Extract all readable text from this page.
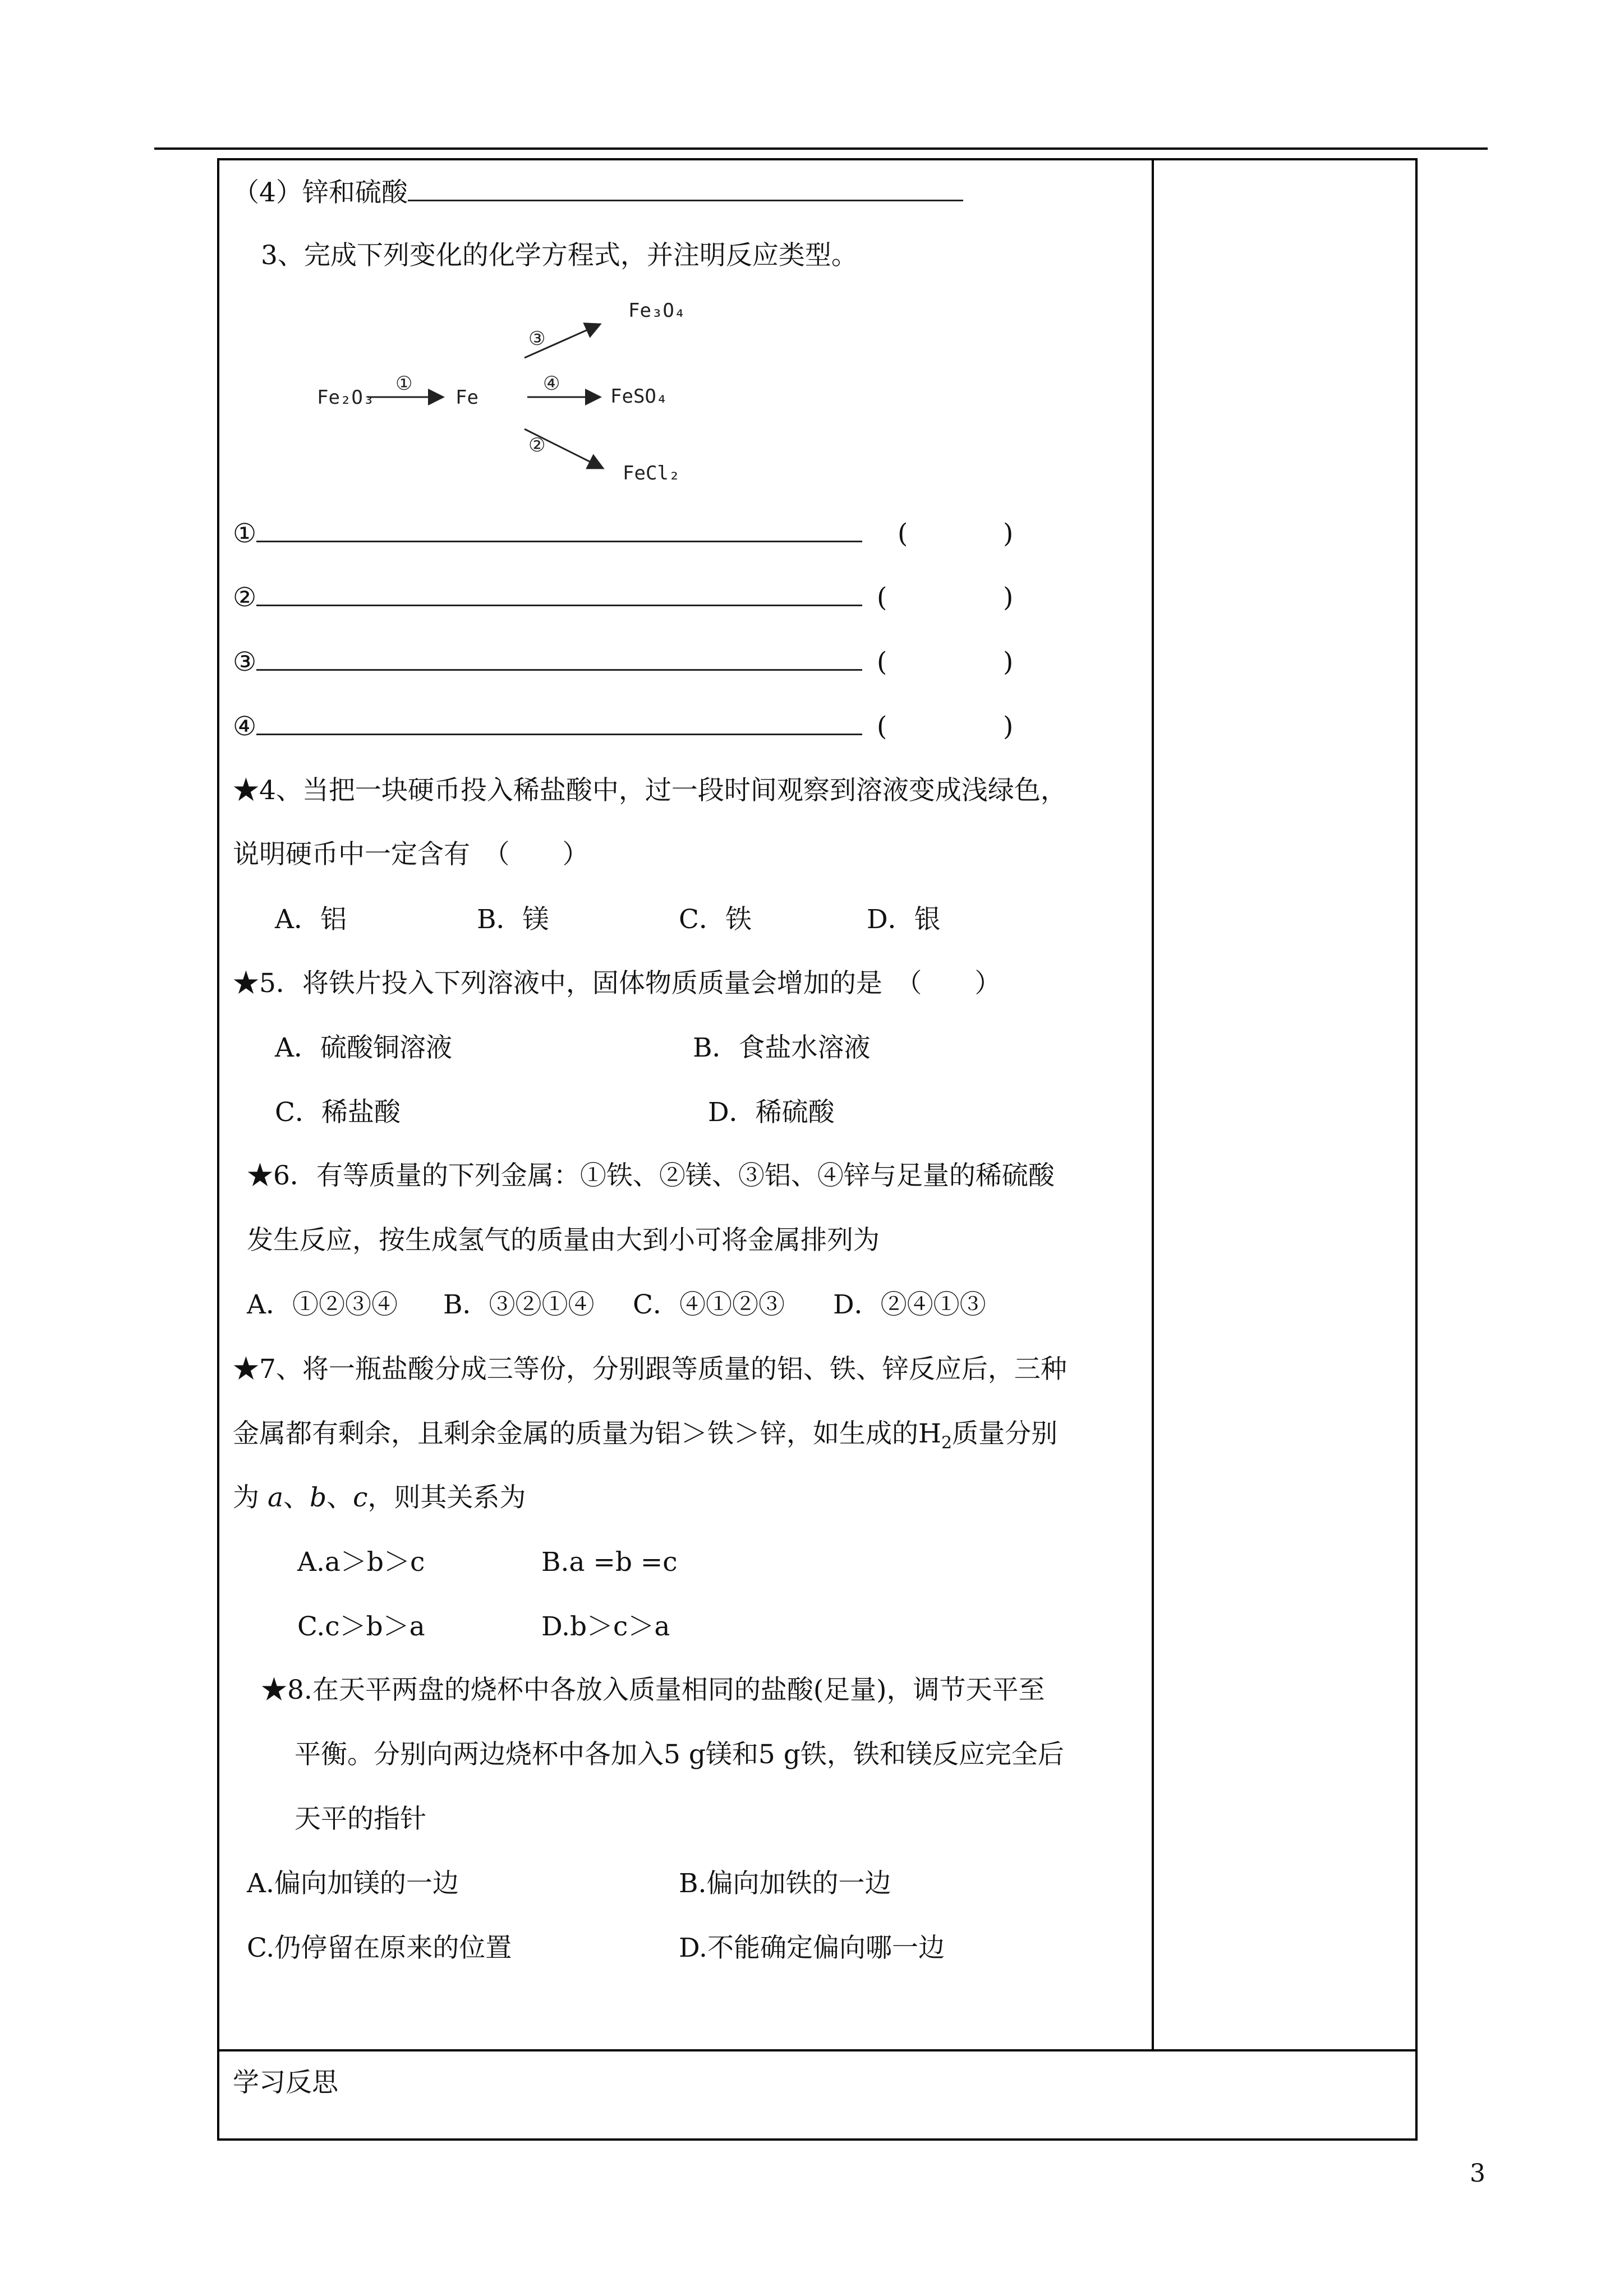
（4）锌和硫酸
3、完成下列变化的化学方程式，并注明反应类型。
Fe₂O₃
①
Fe
③
Fe₃O₄
④
FeSO₄
②
FeCl₂
①	(	)
②	(	)
③	(	)
④	(	)
★4、当把一块硬币投入稀盐酸中，过一段时间观察到溶液变成浅绿色，
说明硬币中一定含有　（　　）
A．铝	B．镁	C．铁	D．银
★5．将铁片投入下列溶液中，固体物质质量会增加的是　（　　）
A．硫酸铜溶液	B．食盐水溶液
C．稀盐酸	D．稀硫酸
★6．有等质量的下列金属：①铁、②镁、③铝、④锌与足量的稀硫酸
发生反应，按生成氢气的质量由大到小可将金属排列为
A．①②③④ B．③②①④ C．④①②③ D．②④①③
★7、将一瓶盐酸分成三等份，分别跟等质量的铝、铁、锌反应后，三种
金属都有剩余，且剩余金属的质量为铝＞铁＞锌，如生成的$H_2$质量分别
为 a、b、c，则其关系为
A.a＞b＞c	B.a =b =c
C.c＞b＞a	D.b＞c＞a
★8.在天平两盘的烧杯中各放入质量相同的盐酸(足量)，调节天平至
平衡。分别向两边烧杯中各加入5 g镁和5 g铁，铁和镁反应完全后
天平的指针
A.偏向加镁的一边	B.偏向加铁的一边
C.仍停留在原来的位置	D.不能确定偏向哪一边
学习反思
3
